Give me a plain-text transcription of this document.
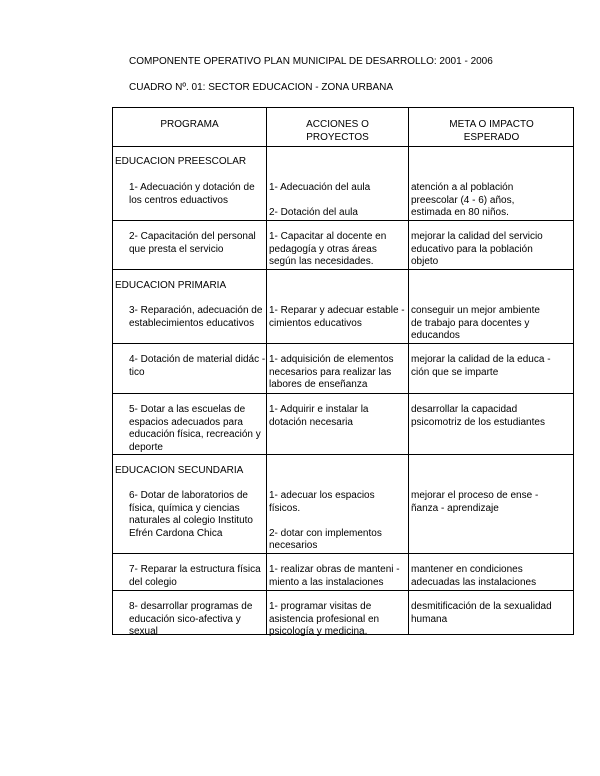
COMPONENTE OPERATIVO PLAN MUNICIPAL DE DESARROLLO: 2001 - 2006
CUADRO Nº. 01: SECTOR EDUCACION - ZONA URBANA
PROGRAMA	ACCIONES O
PROYECTOS
META O IMPACTO
ESPERADO
EDUCACION PREESCOLAR
EDUCACION PRIMARIA
EDUCACION SECUNDARIA
1- Adecuación y dotación de
los centros eduactivos
1- Adecuación del aula
2- Dotación del aula
atención a al población
preescolar (4 - 6) años,
estimada en 80 niños.
2- Capacitación del personal
que presta el servicio
1- Capacitar al docente en
pedagogía y otras áreas
según las necesidades.
mejorar la calidad del servicio
educativo para la población
objeto
3- Reparación, adecuación de
establecimientos educativos
1- Reparar y adecuar estable -
cimientos educativos
conseguir un mejor ambiente
de trabajo para docentes y
educandos
4- Dotación de material didác -
tico
1- adquisición de elementos
necesarios para realizar las
labores de enseñanza
mejorar la calidad de la educa -
ción que se imparte
5- Dotar a las escuelas de
espacios adecuados para
educación física, recreación y
deporte
1- Adquirir e instalar la
dotación necesaria
desarrollar la capacidad
psicomotriz de los estudiantes
6- Dotar de laboratorios de
física, química y ciencias
naturales al colegio Instituto
Efrén Cardona Chica
1- adecuar los espacios
físicos.
2- dotar con implementos
necesarios
mejorar el proceso de ense -
ñanza - aprendizaje
7- Reparar la estructura física
del colegio
1- realizar obras de manteni -
miento a las instalaciones
mantener en condiciones
adecuadas las instalaciones
8- desarrollar programas de
educación sico-afectiva y
sexual
1- programar visitas de
asistencia profesional en
psicología y medicina.
desmitificación de la sexualidad
humana
